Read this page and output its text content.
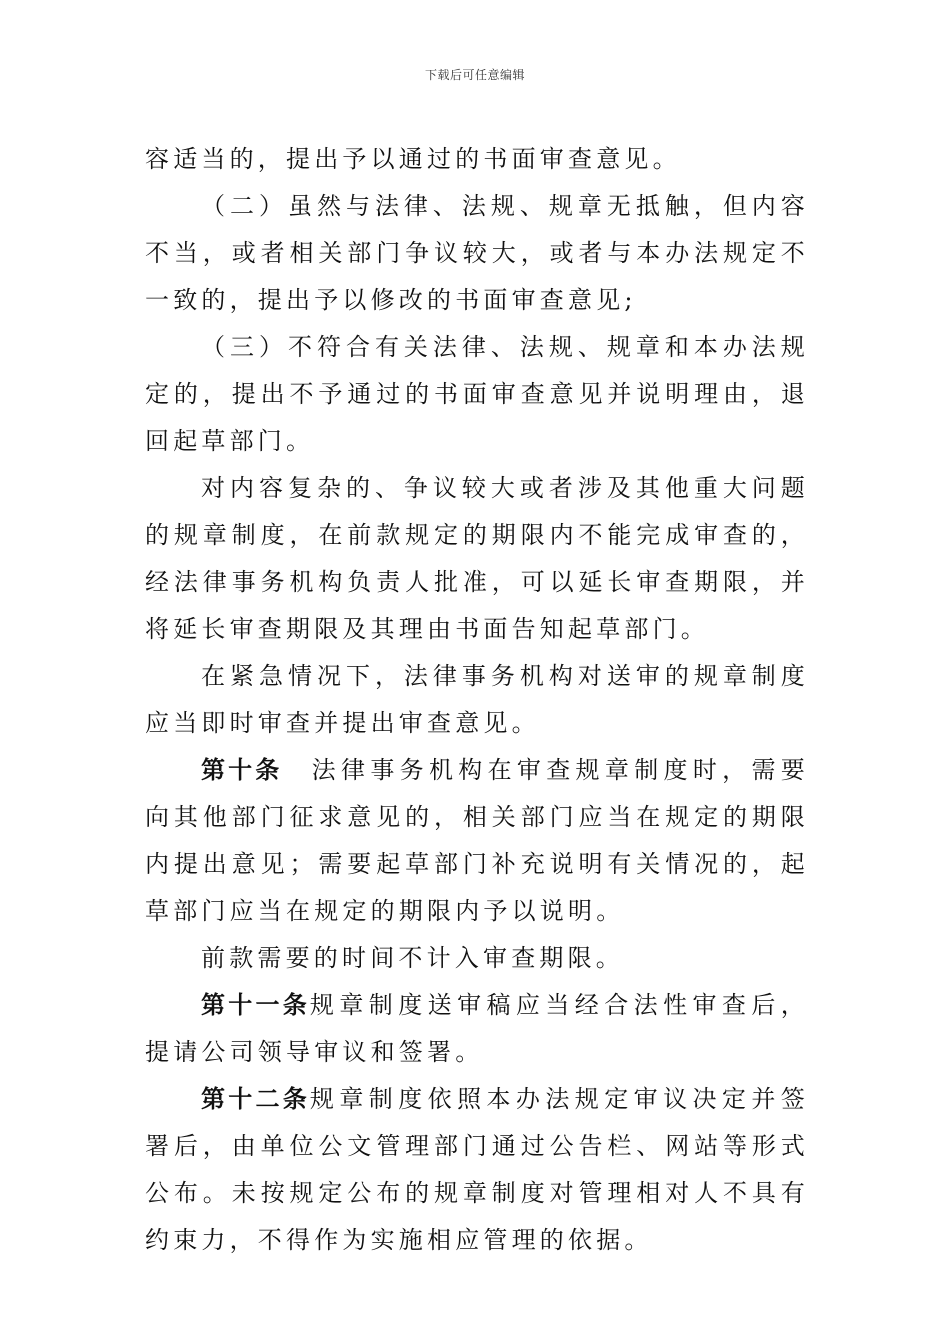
下载后可任意编辑

容适当的，提出予以通过的书面审查意见。

（二）虽然与法律、法规、规章无抵触，但内容不当，或者相关部门争议较大，或者与本办法规定不一致的，提出予以修改的书面审查意见;

（三）不符合有关法律、法规、规章和本办法规定的，提出不予通过的书面审查意见并说明理由，退回起草部门。

对内容复杂的、争议较大或者涉及其他重大问题的规章制度，在前款规定的期限内不能完成审查的，经法律事务机构负责人批准，可以延长审查期限，并将延长审查期限及其理由书面告知起草部门。

在紧急情况下，法律事务机构对送审的规章制度应当即时审查并提出审查意见。

第十条　法律事务机构在审查规章制度时，需要向其他部门征求意见的，相关部门应当在规定的期限内提出意见；需要起草部门补充说明有关情况的，起草部门应当在规定的期限内予以说明。

前款需要的时间不计入审查期限。

第十一条规章制度送审稿应当经合法性审查后，提请公司领导审议和签署。

第十二条规章制度依照本办法规定审议决定并签署后，由单位公文管理部门通过公告栏、网站等形式公布。未按规定公布的规章制度对管理相对人不具有约束力，不得作为实施相应管理的依据。
